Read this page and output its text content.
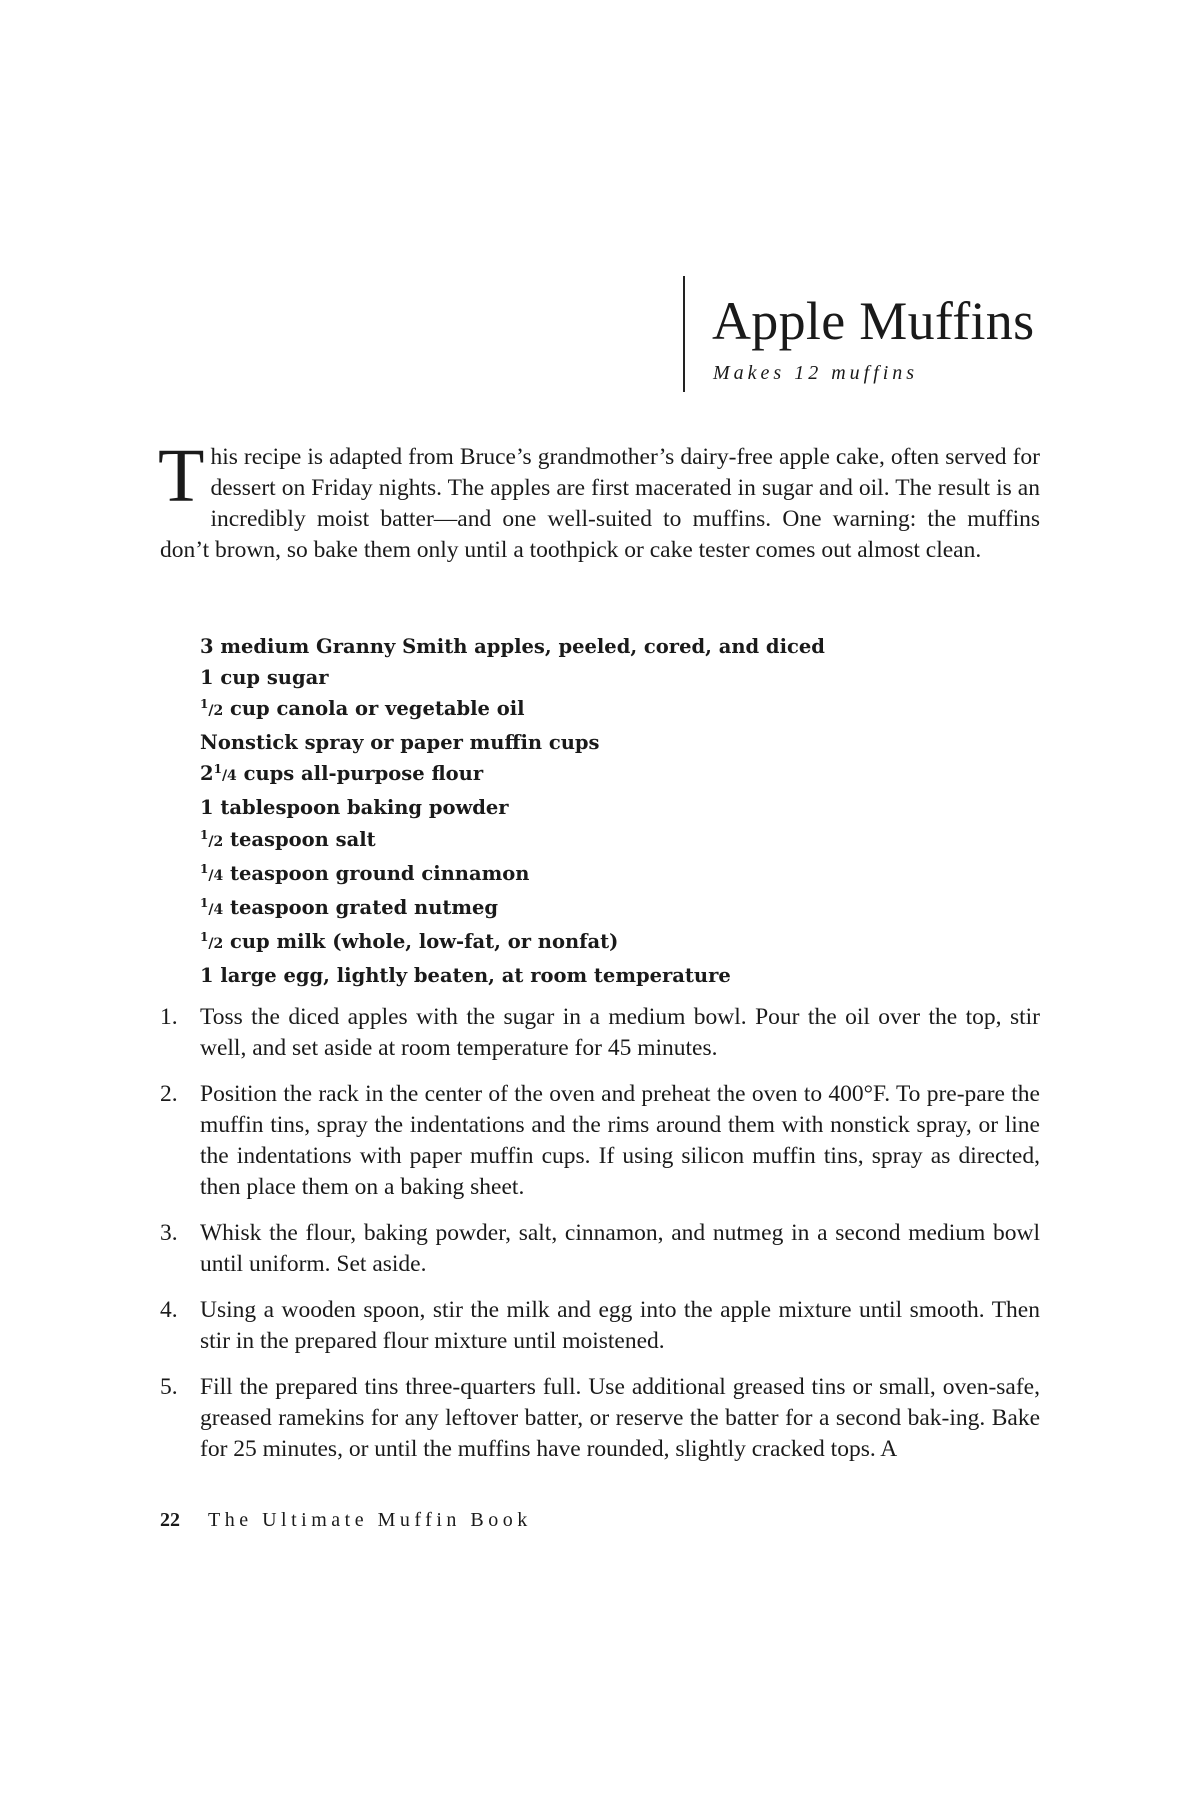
Apple Muffins
Makes 12 muffins

This recipe is adapted from Bruce’s grandmother’s dairy-free apple cake, often served for dessert on Friday nights. The apples are first macerated in sugar and oil. The result is an incredibly moist batter—and one well-suited to muffins. One warning: the muffins don’t brown, so bake them only until a toothpick or cake tester comes out almost clean.

3 medium Granny Smith apples, peeled, cored, and diced
1 cup sugar
$^1$/2 cup canola or vegetable oil
Nonstick spray or paper muffin cups
$2^1/4$ cups all-purpose flour
1 tablespoon baking powder
$^1$/2 teaspoon salt
$^1$/4 teaspoon ground cinnamon
$^1$/4 teaspoon grated nutmeg
$^1$/2 cup milk (whole, low-fat, or nonfat)
1 large egg, lightly beaten, at room temperature
1. Toss the diced apples with the sugar in a medium bowl. Pour the oil over the top, stir well, and set aside at room temperature for 45 minutes.
2. Position the rack in the center of the oven and preheat the oven to 400°F. To pre-pare the muffin tins, spray the indentations and the rims around them with nonstick spray, or line the indentations with paper muffin cups. If using silicon muffin tins, spray as directed, then place them on a baking sheet.
3. Whisk the flour, baking powder, salt, cinnamon, and nutmeg in a second medium bowl until uniform. Set aside.
4. Using a wooden spoon, stir the milk and egg into the apple mixture until smooth. Then stir in the prepared flour mixture until moistened.
5. Fill the prepared tins three-quarters full. Use additional greased tins or small, oven-safe, greased ramekins for any leftover batter, or reserve the batter for a second bak-ing. Bake for 25 minutes, or until the muffins have rounded, slightly cracked tops. A
22 The Ultimate Muffin Book
